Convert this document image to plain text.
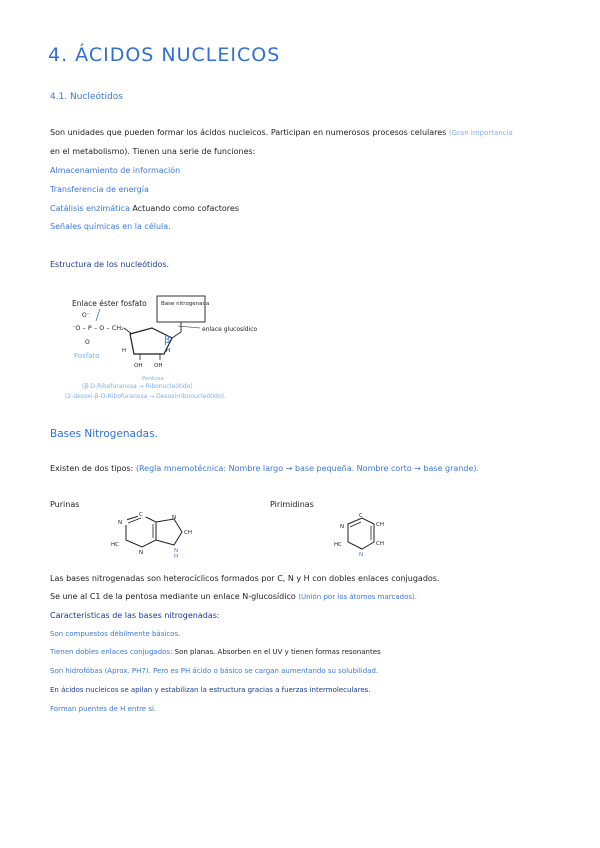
4. ÁCIDOS NUCLEICOS
4.1. Nucleótidos
Son unidades que pueden formar los ácidos nucleicos. Participan en numerosos procesos celulares (Gran importancia
en el metabolismo). Tienen una serie de funciones:
Almacenamiento de información
Transferencia de energía
Catálisis enzimática Actuando como cofactores
Señales químicas en la célula.
Estructura de los nucleótidos.
Enlace éster fosfato	Base nitrogenada
O⁻
⁻O – P – O – CH₂
O
enlace glucosídico
β
H	H
OH OH
Fosfato
Pentosa
(β-D-Ribofuranosa → Ribonucleótido)
(2-desoxi-β-D-Ribofuranosa → Desoxirribonucleótido).
Bases Nitrogenadas.
Existen de dos tipos: (Regla mnemotécnica: Nombre largo → base pequeña. Nombre corto → base grande).
Purinas	Pirimidinas
N
C	N
CH
HC
N	N
H
N
C
CH
CH
HC
N
Las bases nitrogenadas son heterocíclicos formados por C, N y H con dobles enlaces conjugados.
Se une al C1 de la pentosa mediante un enlace N-glucosídico (Unión por los átomos marcados).
Características de las bases nitrogenadas:
Son compuestos débilmente básicos.
Tienen dobles enlaces conjugados: Son planas. Absorben en el UV y tienen formas resonantes
Son hidrofóbas (Aprox. PH7). Pero es PH ácido o básico se cargan aumentando su solubilidad.
En ácidos nucleicos se apilan y estabilizan la estructura gracias a fuerzas intermoleculares.
Forman puentes de H entre sí.
